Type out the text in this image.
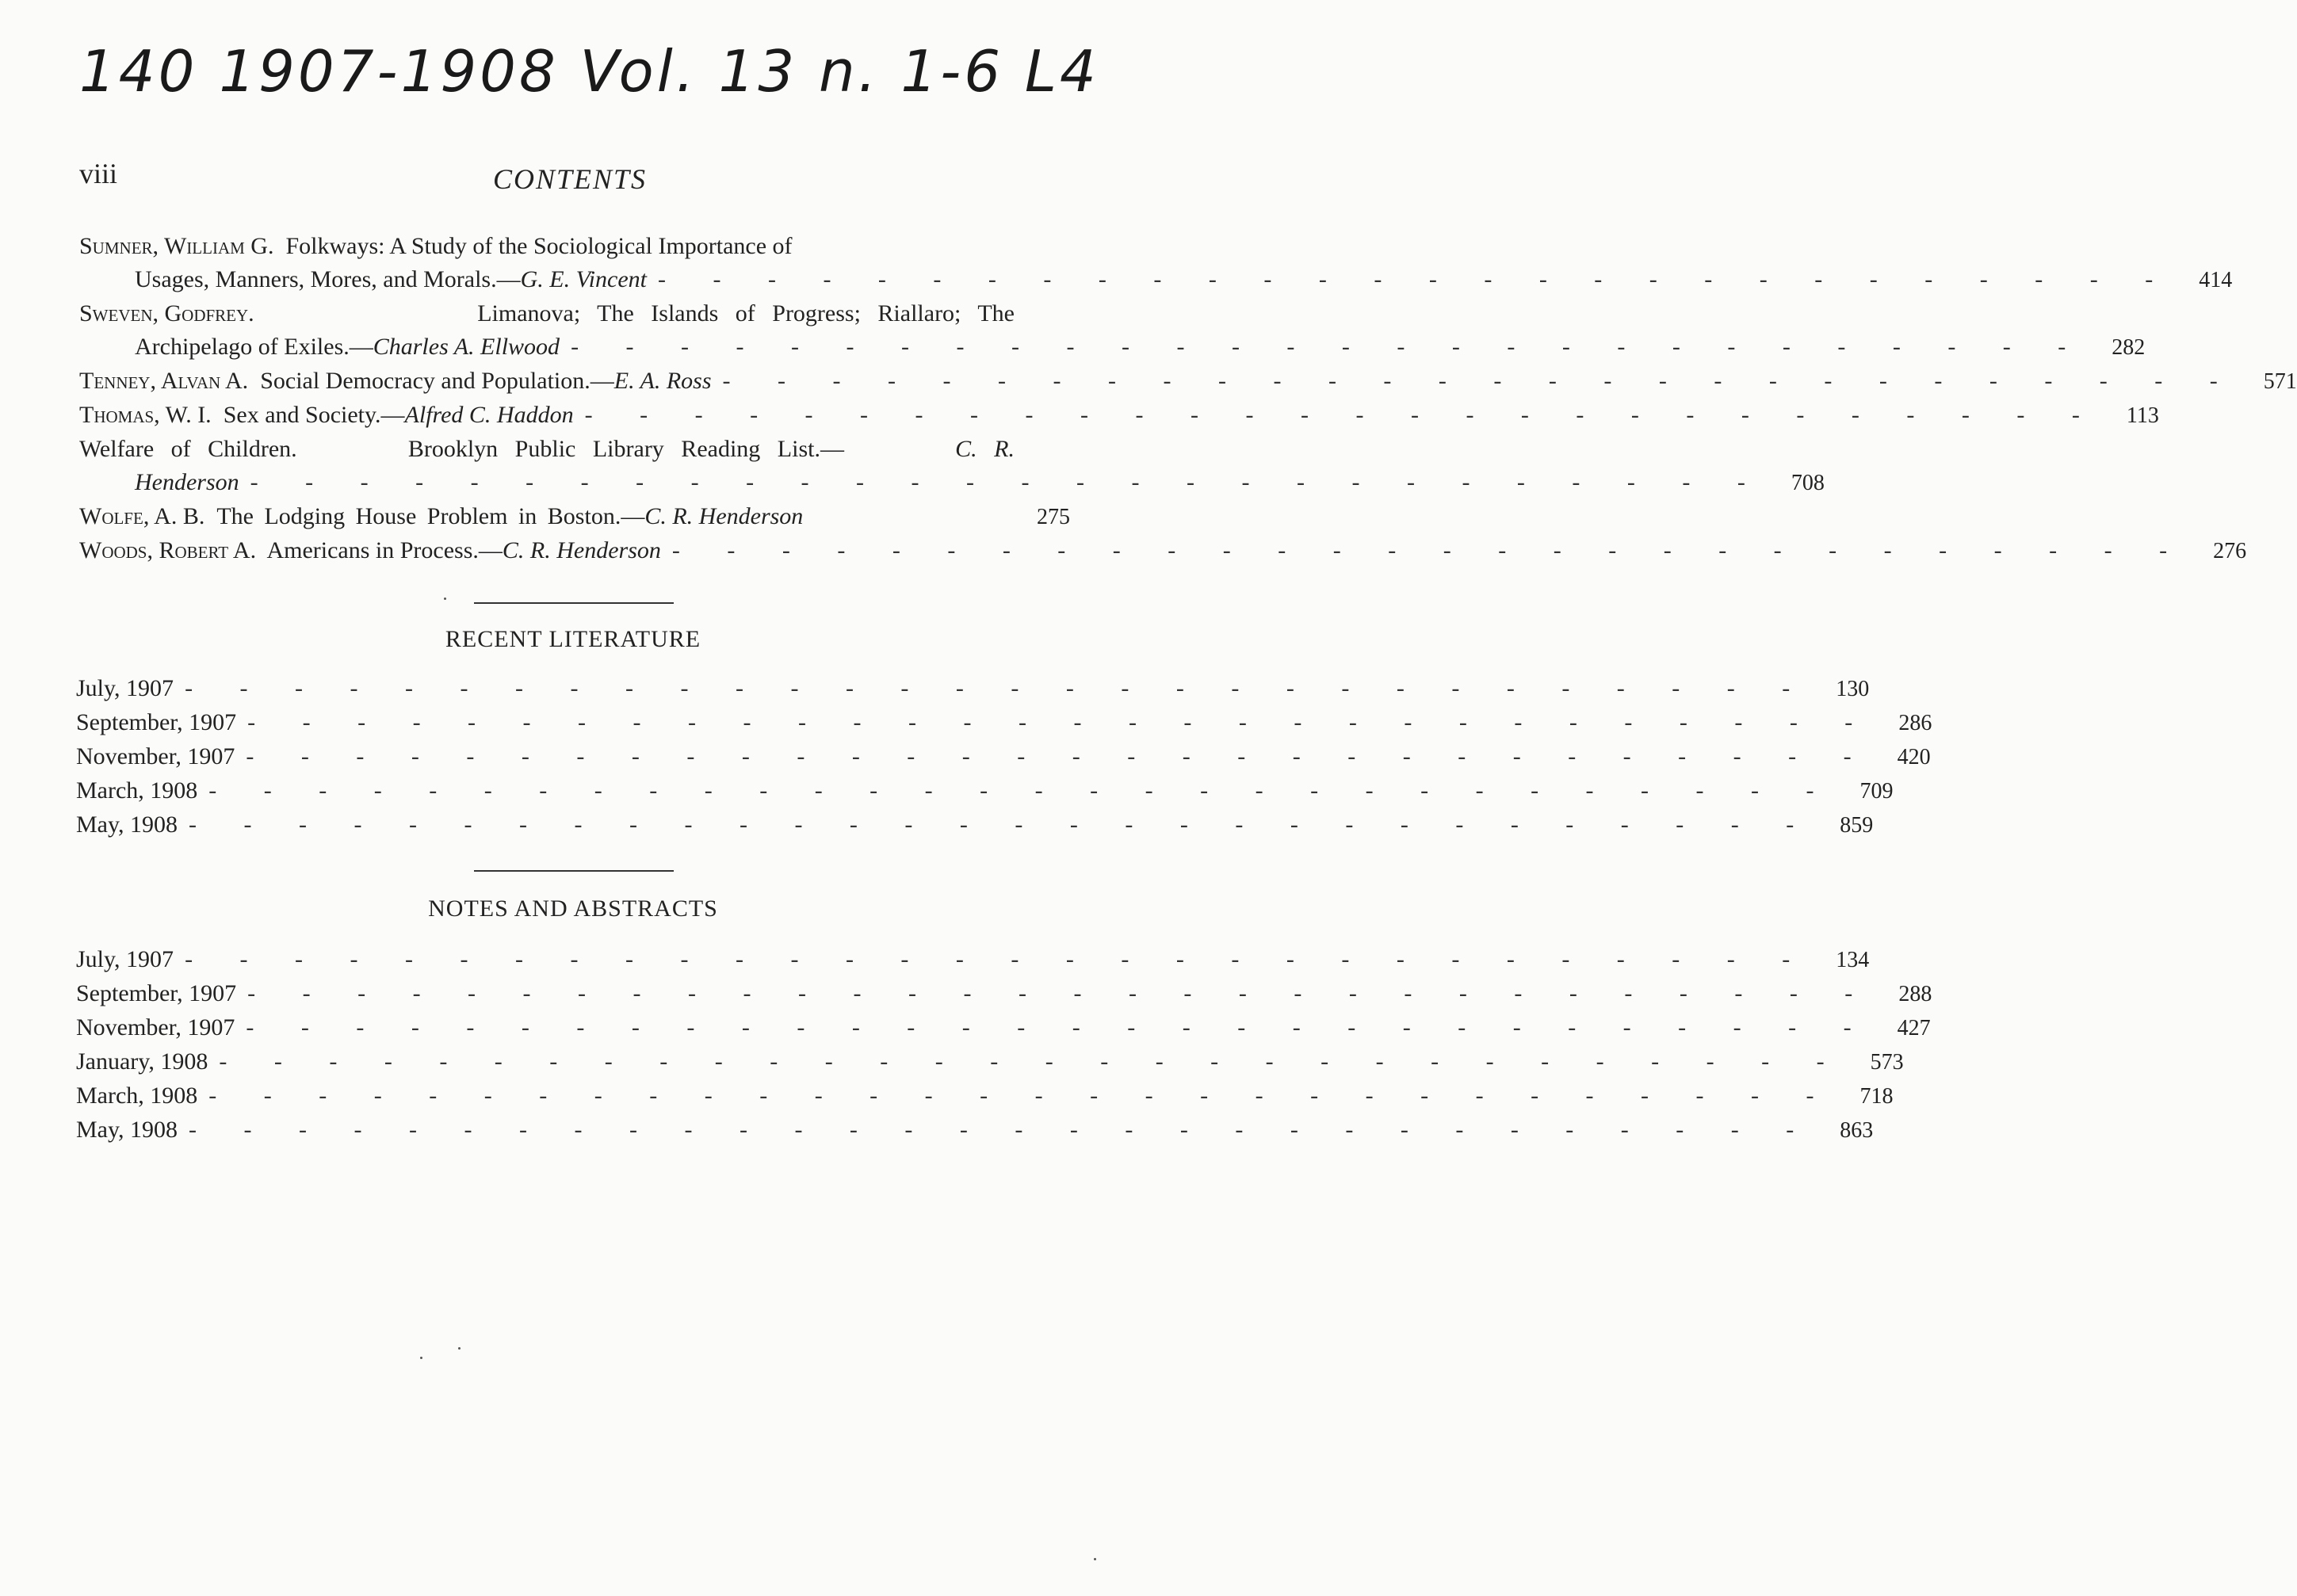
140 1907-1908 Vol. 13 n. 1-6 L4
viii	CONTENTS
Sumner, William G. Folkways: A Study of the Sociological Importance of
Usages, Manners, Mores, and Morals.—G. E. Vincent - - - - - - - - - - - - - - - - - - - - - - - - - - - -	414
Sweven, Godfrey.	Limanova; The Islands of Progress; Riallaro; The
Archipelago of Exiles.—Charles A. Ellwood - - - - - - - - - - - - - - - - - - - - - - - - - - - -	282
Tenney, Alvan A. Social Democracy and Population.—E. A. Ross - - - - - - - - - - - - - - - - - - - - - - - - - - - -	571
Thomas, W. I. Sex and Society.—Alfred C. Haddon - - - - - - - - - - - - - - - - - - - - - - - - - - - -	113
Welfare of Children.	Brooklyn Public Library Reading List.—	C. R.
Henderson - - - - - - - - - - - - - - - - - - - - - - - - - - - -	708
Wolfe, A. B. The Lodging House Problem in Boston.—C. R. Henderson	275
Woods, Robert A. Americans in Process.—C. R. Henderson - - - - - - - - - - - - - - - - - - - - - - - - - - - -	276
RECENT LITERATURE
July, 1907 - - - - - - - - - - - - - - - - - - - - - - - - - - - - - -	130
September, 1907 - - - - - - - - - - - - - - - - - - - - - - - - - - - - - -	286
November, 1907 - - - - - - - - - - - - - - - - - - - - - - - - - - - - - -	420
March, 1908 - - - - - - - - - - - - - - - - - - - - - - - - - - - - - -	709
May, 1908 - - - - - - - - - - - - - - - - - - - - - - - - - - - - - -	859
NOTES AND ABSTRACTS
July, 1907 - - - - - - - - - - - - - - - - - - - - - - - - - - - - - -	134
September, 1907 - - - - - - - - - - - - - - - - - - - - - - - - - - - - - -	288
November, 1907 - - - - - - - - - - - - - - - - - - - - - - - - - - - - - -	427
January, 1908 - - - - - - - - - - - - - - - - - - - - - - - - - - - - - -	573
March, 1908 - - - - - - - - - - - - - - - - - - - - - - - - - - - - - -	718
May, 1908 - - - - - - - - - - - - - - - - - - - - - - - - - - - - - -	863
